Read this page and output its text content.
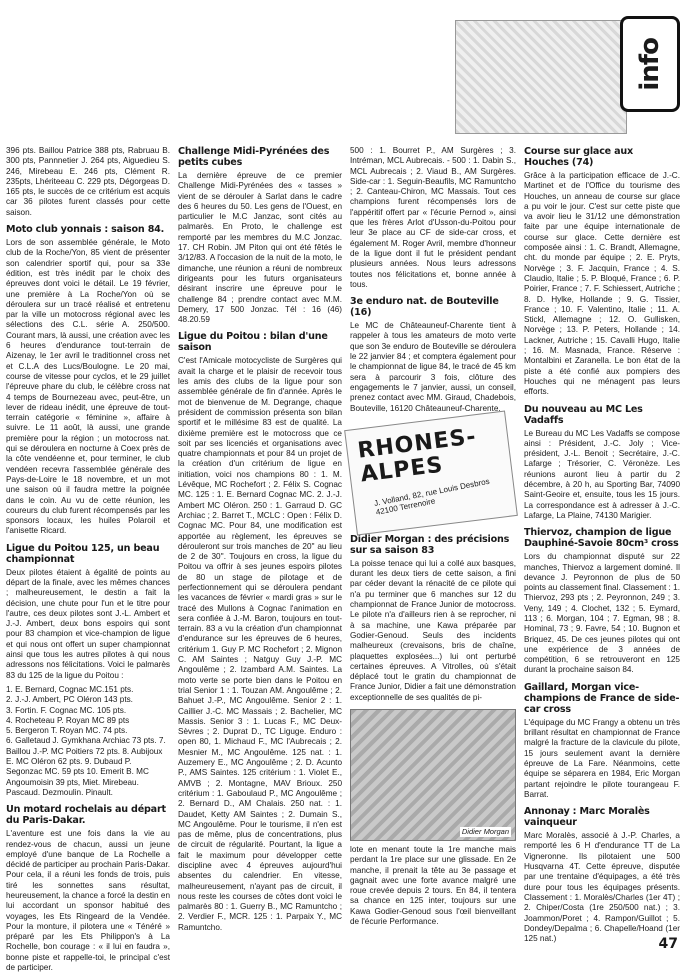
info

396 pts. Baillou Patrice 388 pts, Rabruau B. 300 pts, Pannnetier J. 264 pts, Aiguedieu S. 246, Mirebeau E. 246 pts, Clément R. 235pts, Lhériteeau C. 229 pts, Dégorgeas D. 165 pts, le succès de ce critérium est acquis car 36 pilotes furent classés pour cette saison.

Moto club yonnais : saison 84.

Lors de son assemblée générale, le Moto club de la Roche/Yon, 85 vient de présenter son calendrier sportif qui, pour sa 33e édition, est très inédit par le choix des épreuves dont voici le détail. Le 19 février, une première à La Roche/Yon où se déroulera sur un tracé réalisé et entretenu par la ville un motocross régional avec les sélections des C.L. série A. 250/500. Courant mars, là aussi, une création avec les 6 heures d'endurance tout-terrain de Aizenay, le 1er avril le traditionnel cross net et C.L.A des Lucs/Boulogne. Le 20 mai, course de vitesse pour cyclos, et le 29 juillet l'épreuve phare du club, le célèbre cross nat 4 temps de Bournezeau avec, peut-être, un lever de rideau inédit, une épreuve de tout-terrain catégorie « féminine », affaire à suivre. Le 11 août, là aussi, une grande première pour la région ; un motocross nat. qui se déroulera en nocturne à Coex près de la côte vendéenne et, pour terminer, le club vendéen recevra l'assemblée générale des Pays-de-Loire le 18 novembre, et un mot une saison où il faudra mettre la poignée dans le coin. Au vu de cette réunion, les coureurs du club furent récompensés par les sponsors locaux, les huiles Polaroil et l'anisette Ricard.

Ligue du Poitou 125, un beau championnat

Deux pilotes étaient à égalité de points au départ de la finale, avec les mêmes chances ; malheureusement, le destin a fait la décision, une chute pour l'un et le titre pour l'autre, ces deux pilotes sont J.-L. Ambert et J.-J. Ambert, deux bons espoirs qui sont pour 83 champion et vice-champion de ligue et qui nous ont offert un super championnat ainsi que tous les autres pilotes à qui nous adressons nos félicitations. Voici le palmarès 83 du 125 de la ligue du Poitou :

1. E. Bernard, Cognac MC.151 pts.
2. J.-J. Ambert, PC Oléron 143 pts.
3. Fortin. F. Cognac MC. 105 pts.
4. Rocheteau P. Royan MC 89 pts
5. Bergeron T. Royan MC. 74 pts.
6. Galletaud J. Gymkhana Archiac 73 pts. 7. Baillou J.-P. MC Poitiers 72 pts. 8. Aubijoux E. MC Oléron 62 pts. 9. Dubaud P. Segonzac MC. 59 pts 10. Emerit B. MC Angoumoisin 39 pts, Miet. Mirebeau. Pascaud. Dezmoulin. Pinault.
Un motard rochelais au départ du Paris-Dakar.

L'aventure est une fois dans la vie au rendez-vous de chacun, aussi un jeune employé d'une banque de La Rochelle a décidé de participer au prochain Paris-Dakar. Pour cela, il a réuni les fonds de trois, puis tiré les sonnettes sans résultat, heureusement, la chance a forcé la destin en lui accordant un sponsor habitué des voyages, les Ets Ringeard de la Vendée. Pour la monture, il pilotera une « Ténéré » préparé par les Ets Philippon's à La Rochelle, bon courage : « il lui en faudra », bonne piste et rappelle-toi, le principal c'est de participer.

Challenge Midi-Pyrénées des petits cubes

La dernière épreuve de ce premier Challenge Midi-Pyrénées des « tasses » vient de se dérouler à Sarlat dans le cadre des 6 heures du 50. Les gens de l'Ouest, en particulier le M.C Janzac, sont cités au palmarès. En Proto, le challenge est remporté par les membres du M.C Jonzac. 17. CH Robin. JM Piton qui ont été fêtés le 3/12/83. A l'occasion de la nuit de la moto, le dimanche, une réunion a réuni de nombreux dirigeants pour les futurs organisateurs désirant inscrire une épreuve pour le challenge 84 ; prendre contact avec M.M. Demery, 17 500 Jonzac. Tél : 16 (46) 48.20.59

Ligue du Poitou : bilan d'une saison

C'est l'Amicale motocycliste de Surgères qui avait la charge et le plaisir de recevoir tous les amis des clubs de la ligue pour son assemblée générale de fin d'année. Après le mot de bienvenue de M. Degrange, chaque président de commission présenta son bilan sportif et le millésime 83 est de qualité. La dixième première est le motocross que ce soit par ses licenciés et organisations avec quatre championnats et pour 84 un projet de la création d'un critérium de ligue en initiation, voici nos champions 80 : 1. M. Lévêque, MC Rochefort ; 2. Félix S. Cognac MC. 125 : 1. E. Bernard Cognac MC. 2. J.-J. Ambert MC Oléron. 250 : 1. Garraud D. GC Archiac ; 2. Barret T., MCLC : Open : Félix D. Cognac MC. Pour 84, une modification est apportée au règlement, les épreuves se dérouleront sur trois manches de 20'' au lieu de 2 de 30''. Toujours en cross, la ligue du Poitou va offrir à ses jeunes espoirs pilotes de 80 un stage de pilotage et de perfectionnement qui se déroulera pendant les vacances de février « mardi gras » sur le tracé des Mullons à Cognac l'animation en sera confiée à J.-M. Baron, toujours en tout-terrain. 83 a vu la création d'un championnat d'endurance sur les épreuves de 6 heures, critérium 1. Guy P. MC Rochefort ; 2. Mignon C. AM Saintes ; Natguy Guy J.-P. MC Angoulême ; 2. Izambard A.M. Saintes. La moto verte se porte bien dans le Poitou en trial Senior 1 : 1. Touzan AM. Angoulême ; 2. Bahuet J.-P., MC Angoulême. Senior 2 : 1. Caillier J.-C. MC Massais ; 2. Bachelier, MC Massis. Senior 3 : 1. Lucas F., MC Deux-Sèvres ; 2. Duprat D., TC Liguge. Enduro : open 80, 1. Michaud F., MC l'Aubrecais ; 2. Mesnier M., MC Angoulême. 125 nat. : 1. Auzemery E., MC Angoulême ; 2. D. Acunto P., AMS Saintes. 125 critérium : 1. Violet E., AMVB ; 2. Montagne, MAV Brioux. 250 critérium : 1. Gaboulaud P., MC Angoulême ; 2. Bernard D., AM Chalais. 250 nat. : 1. Daudet, Ketty AM Saintes ; 2. Dumain S., MC Angoulême. Pour le tourisme, il n'en est pas de même, plus de concentrations, plus de circuit de régularité. Pourtant, la ligue a fait le maximum pour développer cette discipline avec 4 épreuves aujourd'hui absentes du calendrier. En vitesse, malheureusement, n'ayant pas de circuit, il nous reste les courses de côtes dont voici le palmarès 80 : 1. Guerry B., MC Ramuntcho ; 2. Verdier F., MCR. 125 : 1. Parpaix Y., MC Ramuntcho.

500 : 1. Bourret P., AM Surgères ; 3. Intréman, MCL Aubrecais. - 500 : 1. Dabin S., MCL Aubrecais ; 2. Viaud B., AM Surgères. Side-car : 1. Seguin-Beaufils, MC Ramuntcho ; 2. Canteau-Chiron, MC Massais. Tout ces champions furent récompensés lors de l'appéritif offert par « l'écurie Pernod », ainsi que les frères Arlot d'Usson-du-Poitou pour leur 3e place au CF de side-car cross, et également M. Roger Avril, membre d'honneur de la ligue dont il fut le président pendant plusieurs années. Nous leurs adressons toutes nos félicitations et, bonne année à tous.

3e enduro nat. de Bouteville (16)

Le MC de Châteauneuf-Charente tient à rappeler à tous les amateurs de moto verte que son 3e enduro de Bouteville se déroulera le 22 janvier 84 ; et comptera également pour le championnat de ligue 84, le tracé de 45 km sera à parcourir 3 fois, clôture des engagements le 7 janvier, aussi, un conseil, prenez contact avec MM. Giraud, Chadebois, Bouteville, 16120 Châteauneuf-Charente.

RHONES-ALPES
J. Volland, 82, rue Louis Desbros 42100 Terrenoire
Didier Morgan : des précisions sur sa saison 83

La poisse tenace qui lui a collé aux basques, durant les deux tiers de cette saison, a fini par céder devant la rénacité de ce pilote qui n'a pu terminer que 6 manches sur 12 du championnat de France Junior de motocross. Le pilote n'a d'ailleurs rien à se reprocher, ni à sa machine, une Kawa préparée par Godier-Genoud. Seuls des incidents malheureux (crevaisons, bris de chaîne, plaquettes explosées...) lui ont perturbé certaines épreuves. A Vitrolles, où s'était déplacé tout le gratin du championnat de France Junior, Didier a fait une démonstration exceptionnelle de ses qualités de pi-

Didier Morgan

lote en menant toute la 1re manche mais perdant la 1re place sur une glissade. En 2e manche, il prenait la tête au 3e passage et gagnait avec une forte avance malgré une roue crevée depuis 2 tours. En 84, il tentera sa chance en 125 inter, toujours sur une Kawa Godier-Genoud sous l'œil bienveillant de l'écurie Performance.

Course sur glace aux Houches (74)

Grâce à la participation efficace de J.-C. Martinet et de l'Office du tourisme des Houches, un anneau de course sur glace a pu voir le jour. C'est sur cette piste que va avoir lieu le 31/12 une démonstration faite par une équipe internationale de course sur glace. Cette dernière est composée ainsi : 1. C. Brandt, Allemagne, cht. du monde par équipe ; 2. E. Pryts, Norvège ; 3. F. Jacquin, France ; 4. S. Claudio, Italie ; 5. P. Bloqué, France ; 6. P. Poirier, France ; 7. F. Schiessert, Autriche ; 8. D. Hylke, Hollande ; 9. G. Tissier, France ; 10. F. Valentino, Italie ; 11. A. Stickl, Allemagne ; 12. O. Gullisken, Norvège ; 13. P. Peters, Hollande ; 14. Lackner, Autriche ; 15. Cavalli Hugo, Italie ; 16. M. Masnada, France. Réserve : Montalbini et Zaranella. Le bon état de la piste a été confié aux pompiers des Houches qui ne ménagent pas leurs efforts.

Du nouveau au MC Les Vadaffs

Le Bureau du MC Les Vadaffs se compose ainsi : Président, J.-C. Joly ; Vice-président, J.-L. Benoit ; Secrétaire, J.-C. Lafarge ; Trésorier, C. Véronèze. Les réunions auront lieu à partir du 2 décembre, à 20 h, au Sporting Bar, 74090 Saint-Geoire et, ensuite, tous les 15 jours. La correspondance est à adresser à J.-C. Lafarge, La Plaine, 74130 Marigier.

Thiervoz, champion de ligue Dauphiné-Savoie 80cm³ cross

Lors du championnat disputé sur 22 manches, Thiervoz a largement dominé. Il devance J. Peyronnon de plus de 50 points au classement final. Classement : 1. Thiervoz, 293 pts ; 2. Peyronnon, 249 ; 3. Veny, 149 ; 4. Clochet, 132 ; 5. Eymard, 113 ; 6. Morgan, 104 ; 7. Egman, 98 ; 8. Hominal, 73 ; 9. Favre, 54 ; 10. Bugnon et Briquez, 45. De ces jeunes pilotes qui ont une expérience de 3 années de compétition, 6 se retrouveront en 125 durant la prochaine saison 84.

Gaillard, Morgan vice-champions de France de side-car cross

L'équipage du MC Frangy a obtenu un très brillant résultat en championnat de France malgré la fracture de la clavicule du pilote, 15 jours seulement avant la dernière épreuve de La Fare. Néanmoins, cette équipe se séparera en 1984, Eric Morgan partant rejoindre le pilote tourangeau F. Barrat.

Annonay : Marc Moralès vainqueur

Marc Moralès, associé à J.-P. Charles, a remporté les 6 H d'endurance TT de La Vigneronne. Ils pilotaient une 500 Husqvarna 4T. Cette épreuve, disputée par une trentaine d'équipages, a été très dure pour tous les équipages présents. Classement : 1. Moralès/Charles (1er 4T) ; 2. Chiper/Costa (1re 250/500 nat.) ; 3. Joammon/Poret ; 4. Rampon/Guillot ; 5. Dondey/Depalma ; 6. Chapelle/Hoand (1er 125 nat.)	47
